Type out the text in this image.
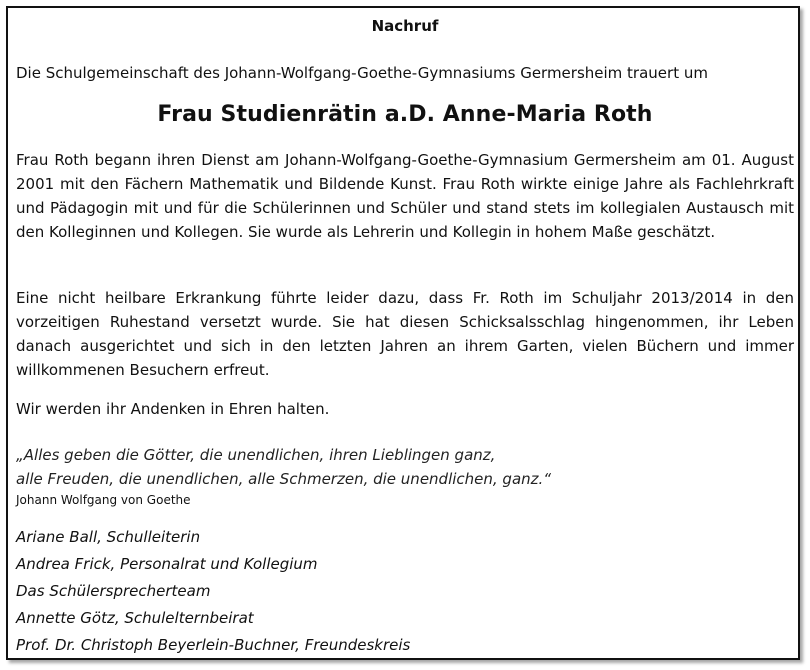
Nachruf
Die Schulgemeinschaft des Johann-Wolfgang-Goethe-Gymnasiums Germersheim trauert um
Frau Studienrätin a.D. Anne-Maria Roth
Frau Roth begann ihren Dienst am Johann-Wolfgang-Goethe-Gymnasium Germersheim am 01. August 2001 mit den Fächern Mathematik und Bildende Kunst. Frau Roth wirkte einige Jahre als Fachlehrkraft und Pädagogin mit und für die Schülerinnen und Schüler und stand stets im kollegialen Austausch mit den Kolleginnen und Kollegen. Sie wurde als Lehrerin und Kollegin in hohem Maße geschätzt.
Eine nicht heilbare Erkrankung führte leider dazu, dass Fr. Roth im Schuljahr 2013/2014 in den vorzeitigen Ruhestand versetzt wurde. Sie hat diesen Schicksalsschlag hingenommen, ihr Leben danach ausgerichtet und sich in den letzten Jahren an ihrem Garten, vielen Büchern und immer willkommenen Besuchern erfreut.
Wir werden ihr Andenken in Ehren halten.
„Alles geben die Götter, die unendlichen, ihren Lieblingen ganz,
alle Freuden, die unendlichen, alle Schmerzen, die unendlichen, ganz.“
Johann Wolfgang von Goethe
Ariane Ball, Schulleiterin
Andrea Frick, Personalrat und Kollegium
Das Schülersprecherteam
Annette Götz, Schulelternbeirat
Prof. Dr. Christoph Beyerlein-Buchner, Freundeskreis
